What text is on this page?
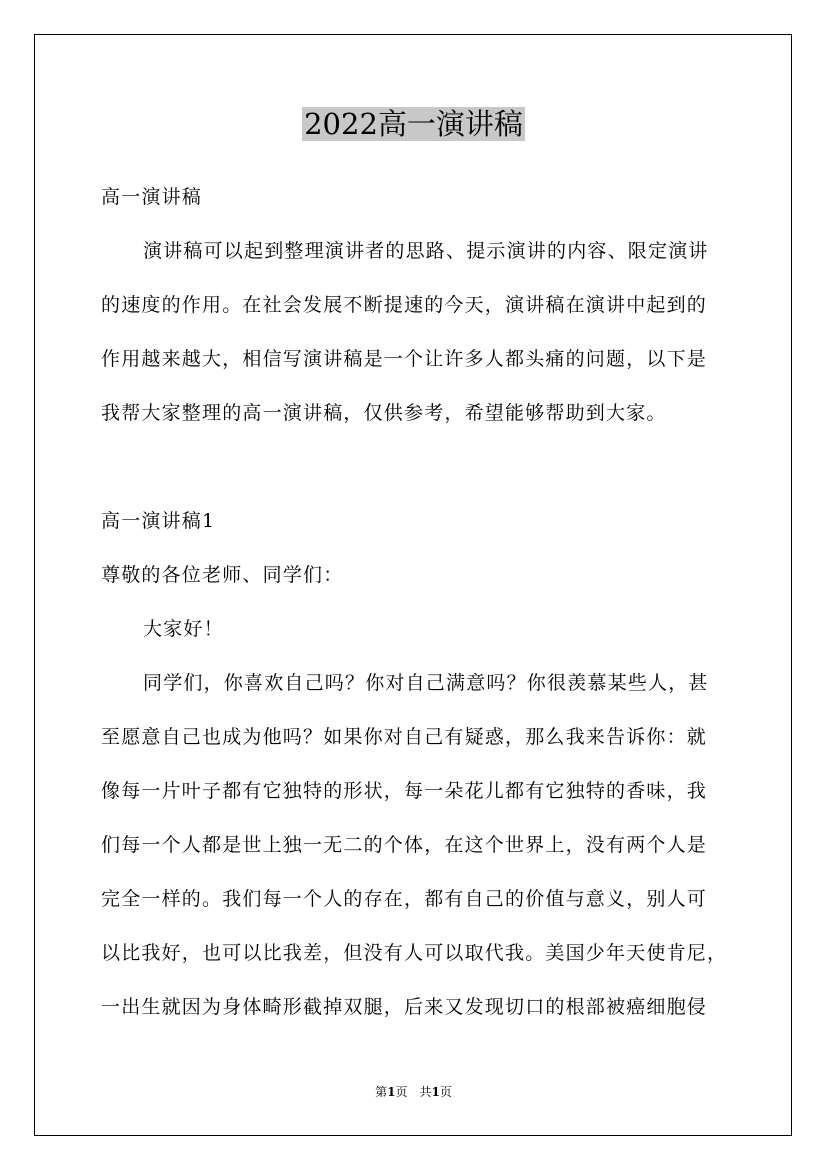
2022高一演讲稿
高一演讲稿
演讲稿可以起到整理演讲者的思路、提示演讲的内容、限定演讲
的速度的作用。在社会发展不断提速的今天，演讲稿在演讲中起到的
作用越来越大，相信写演讲稿是一个让许多人都头痛的问题，以下是
我帮大家整理的高一演讲稿，仅供参考，希望能够帮助到大家。
高一演讲稿1
尊敬的各位老师、同学们：
大家好！
同学们，你喜欢自己吗？你对自己满意吗？你很羡慕某些人，甚
至愿意自己也成为他吗？如果你对自己有疑惑，那么我来告诉你：就
像每一片叶子都有它独特的形状，每一朵花儿都有它独特的香味，我
们每一个人都是世上独一无二的个体，在这个世界上，没有两个人是
完全一样的。我们每一个人的存在，都有自己的价值与意义，别人可
以比我好，也可以比我差，但没有人可以取代我。美国少年天使肯尼，
一出生就因为身体畸形截掉双腿，后来又发现切口的根部被癌细胞侵
第1页　共1页
